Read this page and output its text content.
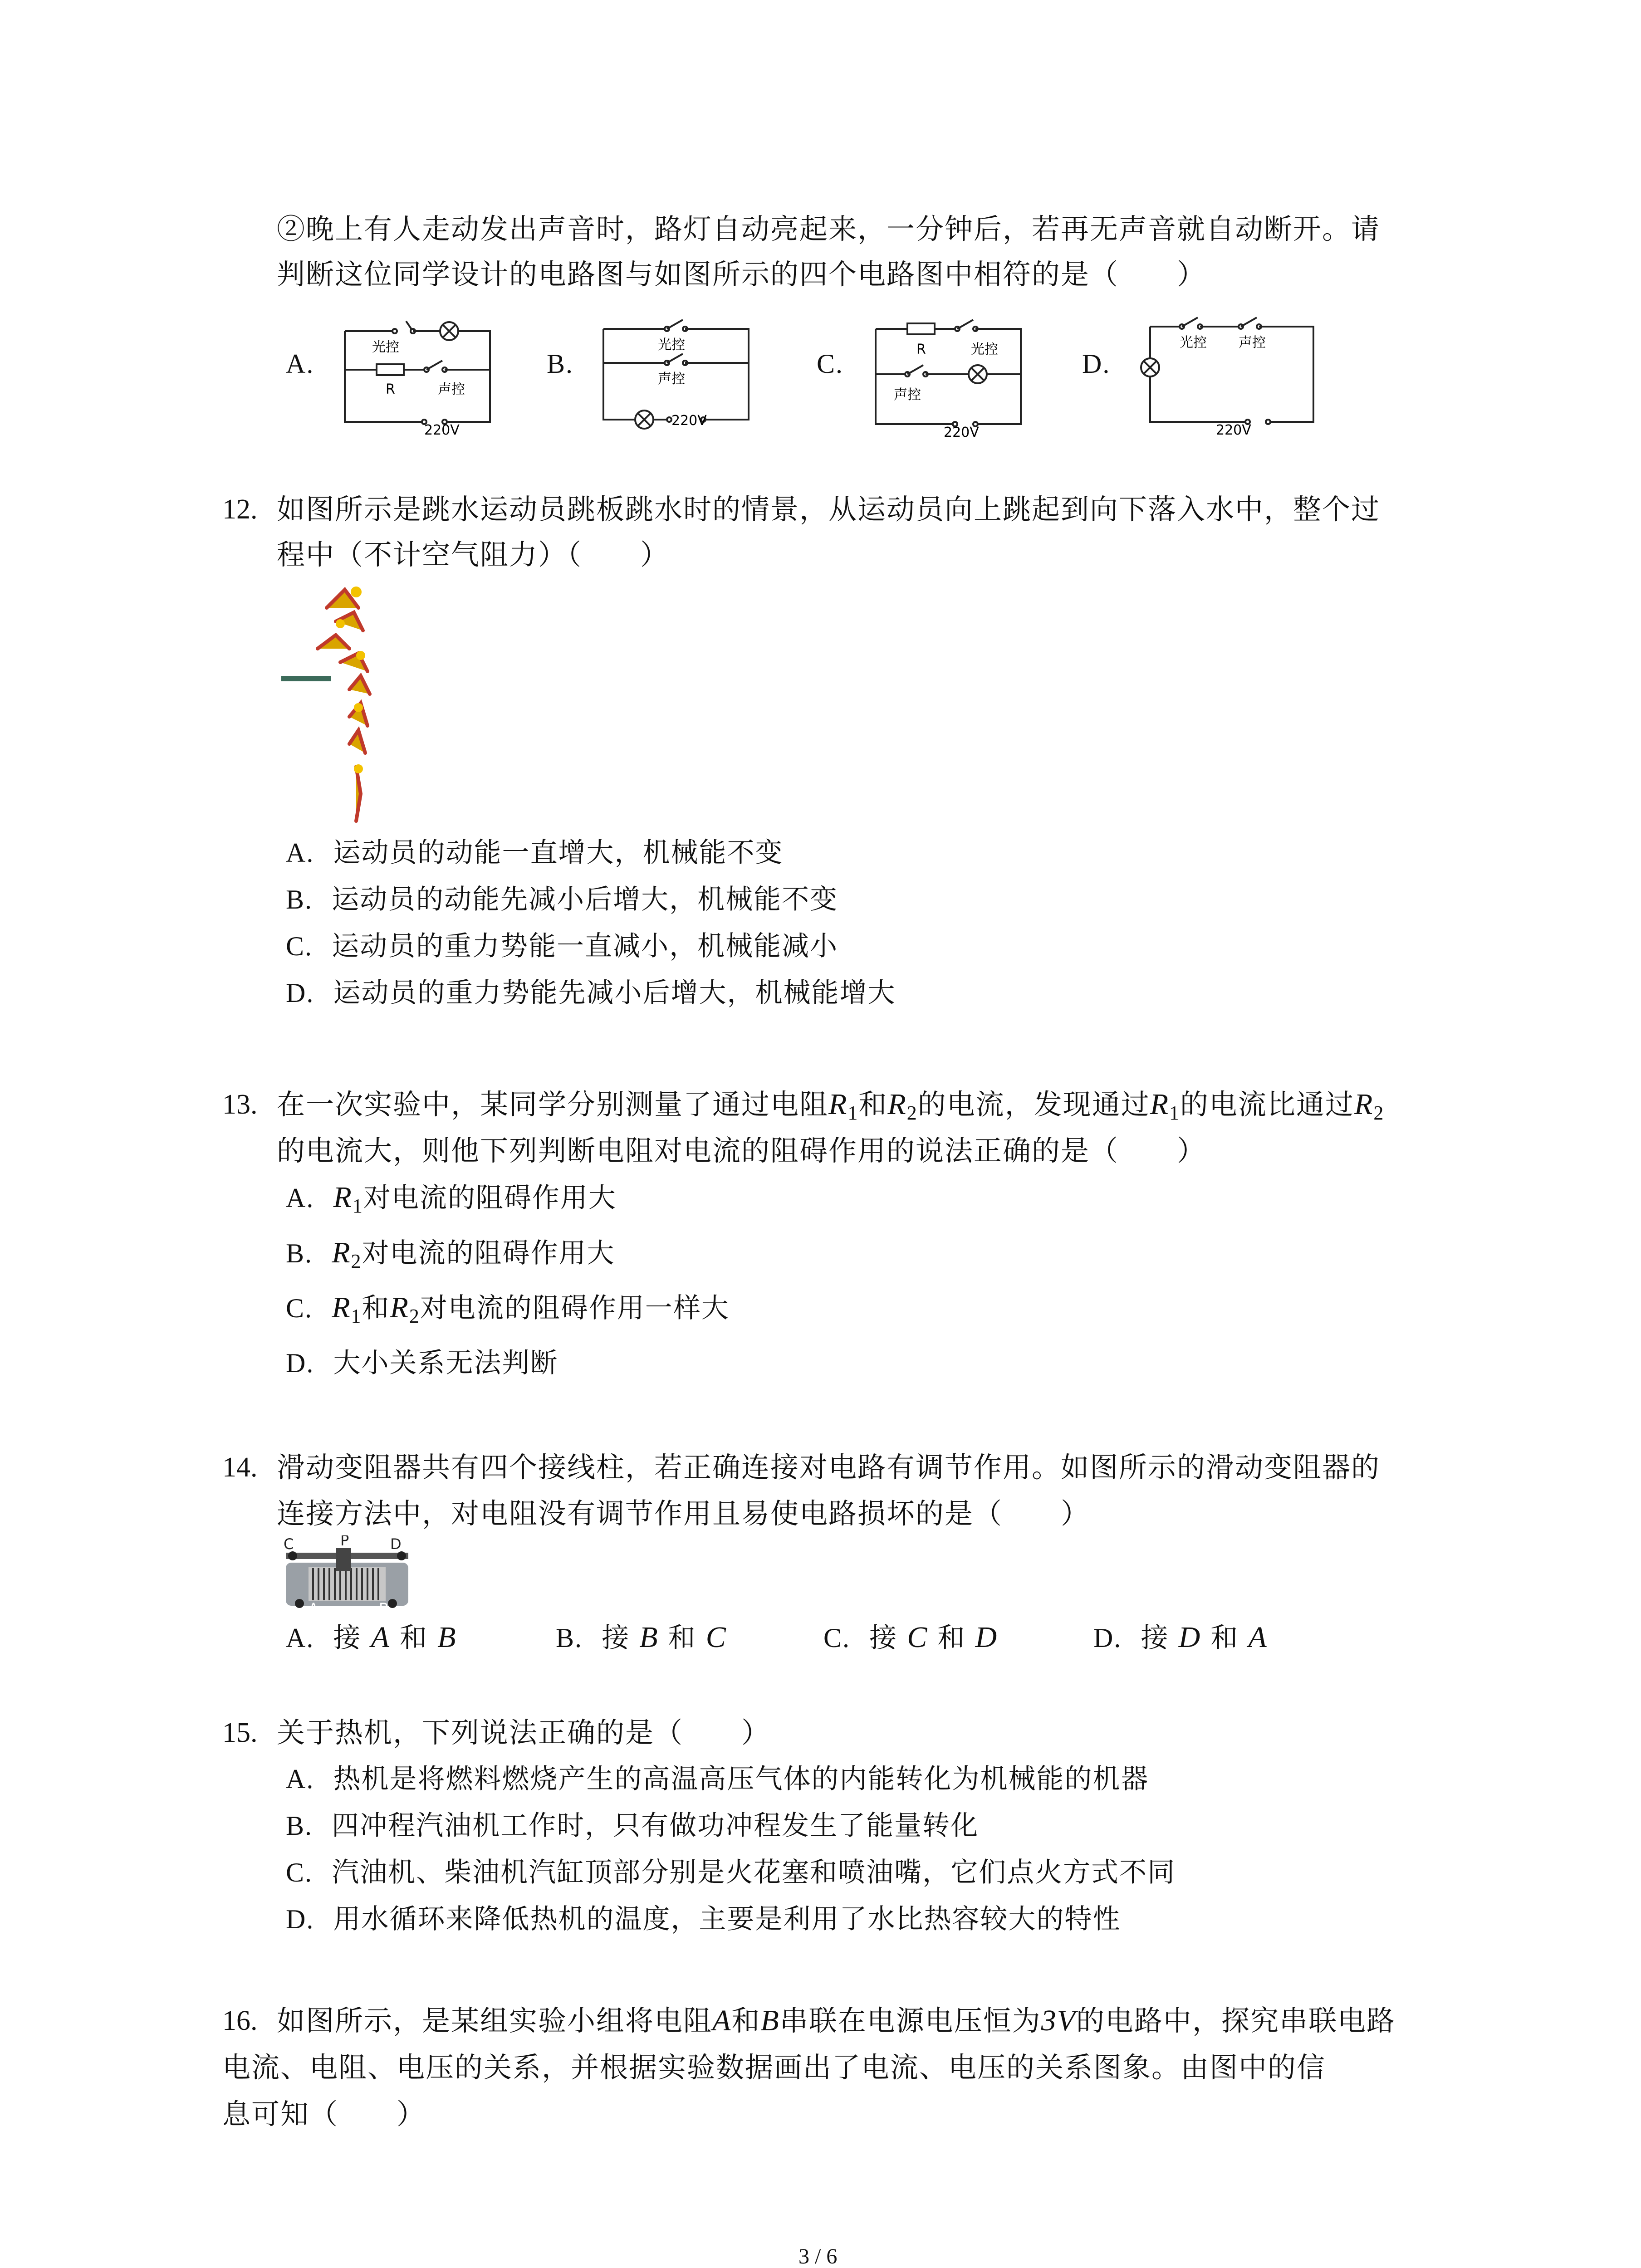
②晚上有人走动发出声音时，路灯自动亮起来，一分钟后，若再无声音就自动断开。请
判断这位同学设计的电路图与如图所示的四个电路图中相符的是（　　）
A.
光控
R	声控
220V
B.
光控
声控
220V
C.	R	光控
声控
220V
D.
光控 声控
220V
12. 如图所示是跳水运动员跳板跳水时的情景，从运动员向上跳起到向下落入水中，整个过
程中（不计空气阻力）（　　）
A. 运动员的动能一直增大，机械能不变
B. 运动员的动能先减小后增大，机械能不变
C. 运动员的重力势能一直减小，机械能减小
D. 运动员的重力势能先减小后增大，机械能增大
13. 在一次实验中，某同学分别测量了通过电阻$R_1$和$R_2$的电流，发现通过$R_1$的电流比通过$R_2$
的电流大，则他下列判断电阻对电流的阻碍作用的说法正确的是（　　）
A. $R_1$对电流的阻碍作用大
B. $R_2$对电流的阻碍作用大
C. $R_1$和$R_2$对电流的阻碍作用一样大
D. 大小关系无法判断
14. 滑动变阻器共有四个接线柱，若正确连接对电路有调节作用。如图所示的滑动变阻器的
连接方法中，对电阻没有调节作用且易使电路损坏的是（　　）
C	P	D
A	B
A. 接 A 和 B	B. 接 B 和 C	C. 接 C 和 D	D. 接 D 和 A
15. 关于热机，下列说法正确的是（　　）
A. 热机是将燃料燃烧产生的高温高压气体的内能转化为机械能的机器
B. 四冲程汽油机工作时，只有做功冲程发生了能量转化
C. 汽油机、柴油机汽缸顶部分别是火花塞和喷油嘴，它们点火方式不同
D. 用水循环来降低热机的温度，主要是利用了水比热容较大的特性
16. 如图所示，是某组实验小组将电阻A和B串联在电源电压恒为3V的电路中，探究串联电路
电流、电阻、电压的关系，并根据实验数据画出了电流、电压的关系图象。由图中的信
息可知（　　）
3 / 6
